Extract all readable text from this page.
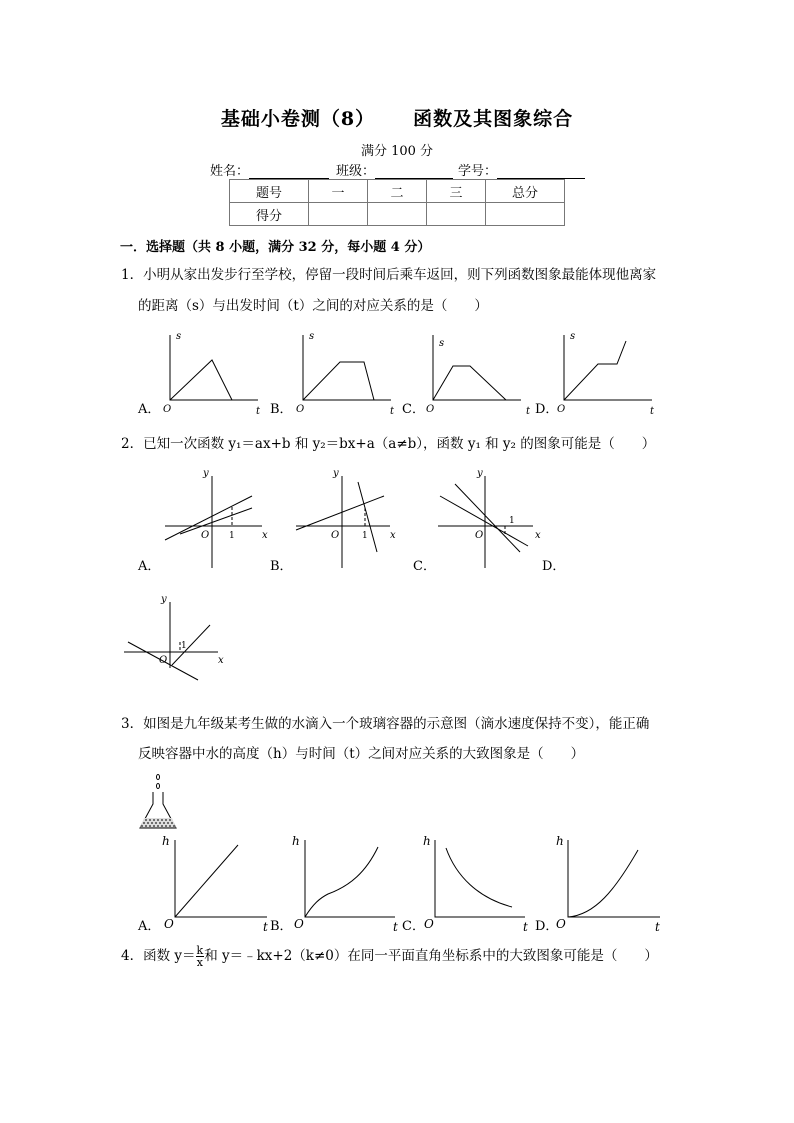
基础小卷测（8） 函数及其图象综合
满分 100 分
姓名：	班级：	学号：
题号	一	二	三	总分
得分				
一．选择题（共 8 小题，满分 32 分，每小题 4 分）
1．小明从家出发步行至学校，停留一段时间后乘车返回，则下列函数图象最能体现他离家
的距离（s）与出发时间（t）之间的对应关系的是（　　）
s
O	t
s
O	t
s
O	t
s
O	t
A．	B．	C．	D．
2．已知一次函数 y₁＝ax+b 和 y₂＝bx+a（a≠b），函数 y₁ 和 y₂ 的图象可能是（　　）
y
x
O
y
x
O
y
x
O
1	1
1
A．	B．	C．	D．
y
x
O
1
3．如图是九年级某考生做的水滴入一个玻璃容器的示意图（滴水速度保持不变），能正确
反映容器中水的高度（h）与时间（t）之间对应关系的大致图象是（　　）
h
O	t
h
O	t
h
O	t
h
O	t
A．	B．	C．	D．
4．函数 $y= \frac{k}{x}$ 和 y＝﹣kx+2（k≠0）在同一平面直角坐标系中的大致图象可能是（　　）
